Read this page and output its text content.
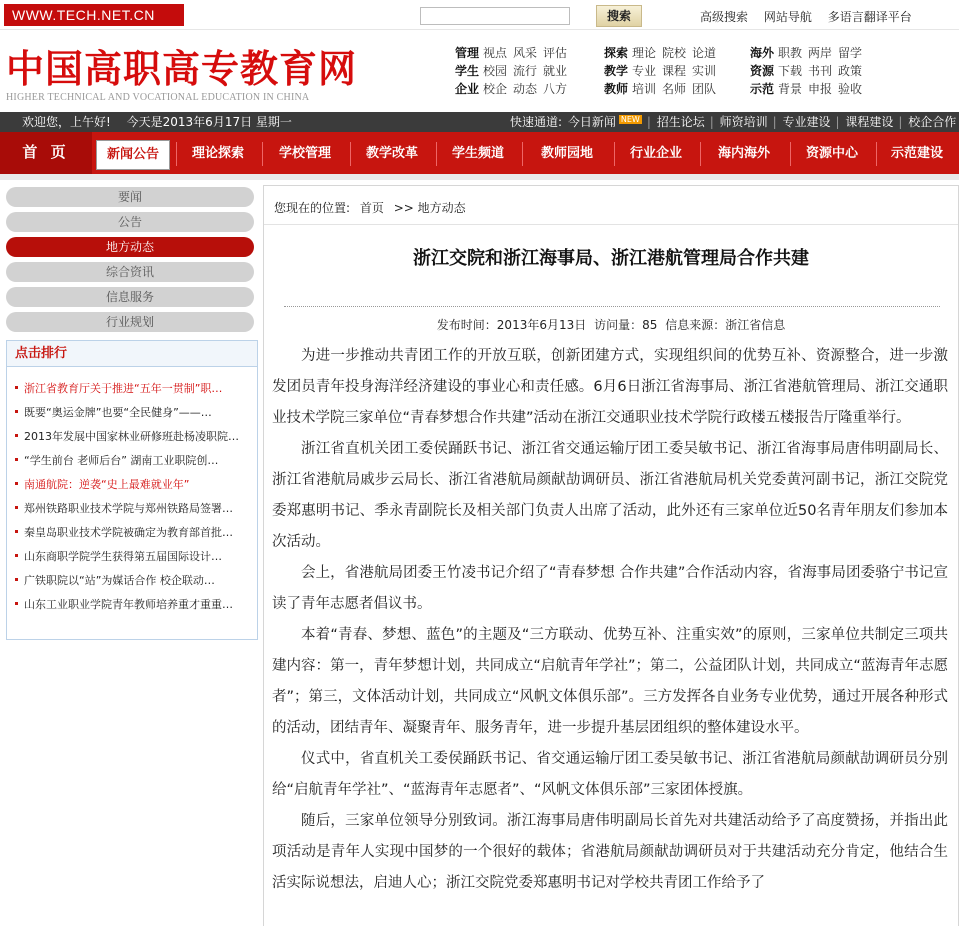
WWW.TECH.NET.CN	搜索	高级搜索 网站导航 多语言翻译平台
中国高职高专教育网
HIGHER TECHNICAL AND VOCATIONAL EDUCATION IN CHINA
管理 视点 风采 评估
学生 校园 流行 就业
企业 校企 动态 八方
探索 理论 院校 论道
教学 专业 课程 实训
教师 培训 名师 团队
海外 职教 两岸 留学
资源 下载 书刊 政策
示范 背景 申报 验收
欢迎您，上午好! 今天是2013年6月17日 星期一	快速通道: 今日新闻 NEW | 招生论坛 | 师资培训 | 专业建设 | 课程建设 | 校企合作
首 页	新闻公告	理论探索	学校管理	教学改革	学生频道	教师园地	行业企业	海内海外	资源中心	示范建设
要闻
公告
地方动态
综合资讯
信息服务
行业规划
点击排行
浙江省教育厅关于推进“五年一贯制”职…
既要“奥运金牌”也要“全民健身”——…
2013年发展中国家林业研修班赴杨凌职院…
“学生前台 老师后台” 湖南工业职院创…
南通航院：逆袭“史上最难就业年”
郑州铁路职业技术学院与郑州铁路局签署…
秦皇岛职业技术学院被确定为教育部首批…
山东商职学院学生获得第五届国际设计…
广铁职院以“站”为媒话合作 校企联动…
山东工业职业学院青年教师培养重才重重…
您现在的位置: 首页 >> 地方动态
浙江交院和浙江海事局、浙江港航管理局合作共建
发布时间：2013年6月13日 访问量：85 信息来源：浙江省信息

为进一步推动共青团工作的开放互联，创新团建方式，实现组织间的优势互补、资源整合，进一步激发团员青年投身海洋经济建设的事业心和责任感。6月6日浙江省海事局、浙江省港航管理局、浙江交通职业技术学院三家单位“青春梦想合作共建”活动在浙江交通职业技术学院行政楼五楼报告厅隆重举行。

浙江省直机关团工委侯踊跃书记、浙江省交通运输厅团工委吴敏书记、浙江省海事局唐伟明副局长、浙江省港航局戚步云局长、浙江省港航局颜献劼调研员、浙江省港航局机关党委黄河副书记，浙江交院党委郑惠明书记、季永青副院长及相关部门负责人出席了活动，此外还有三家单位近50名青年朋友们参加本次活动。

会上，省港航局团委王竹凌书记介绍了“青春梦想 合作共建”合作活动内容，省海事局团委骆宁书记宣读了青年志愿者倡议书。

本着“青春、梦想、蓝色”的主题及“三方联动、优势互补、注重实效”的原则，三家单位共制定三项共建内容：第一，青年梦想计划，共同成立“启航青年学社”；第二，公益团队计划，共同成立“蓝海青年志愿者”；第三，文体活动计划，共同成立“风帆文体俱乐部”。三方发挥各自业务专业优势，通过开展各种形式的活动，团结青年、凝聚青年、服务青年，进一步提升基层团组织的整体建设水平。

仪式中，省直机关工委侯踊跃书记、省交通运输厅团工委吴敏书记、浙江省港航局颜献劼调研员分别给“启航青年学社”、“蓝海青年志愿者”、“风帆文体俱乐部”三家团体授旗。

随后，三家单位领导分别致词。浙江海事局唐伟明副局长首先对共建活动给予了高度赞扬，并指出此项活动是青年人实现中国梦的一个很好的载体；省港航局颜献劼调研员对于共建活动充分肯定，他结合生活实际说想法，启迪人心；浙江交院党委郑惠明书记对学校共青团工作给予了
